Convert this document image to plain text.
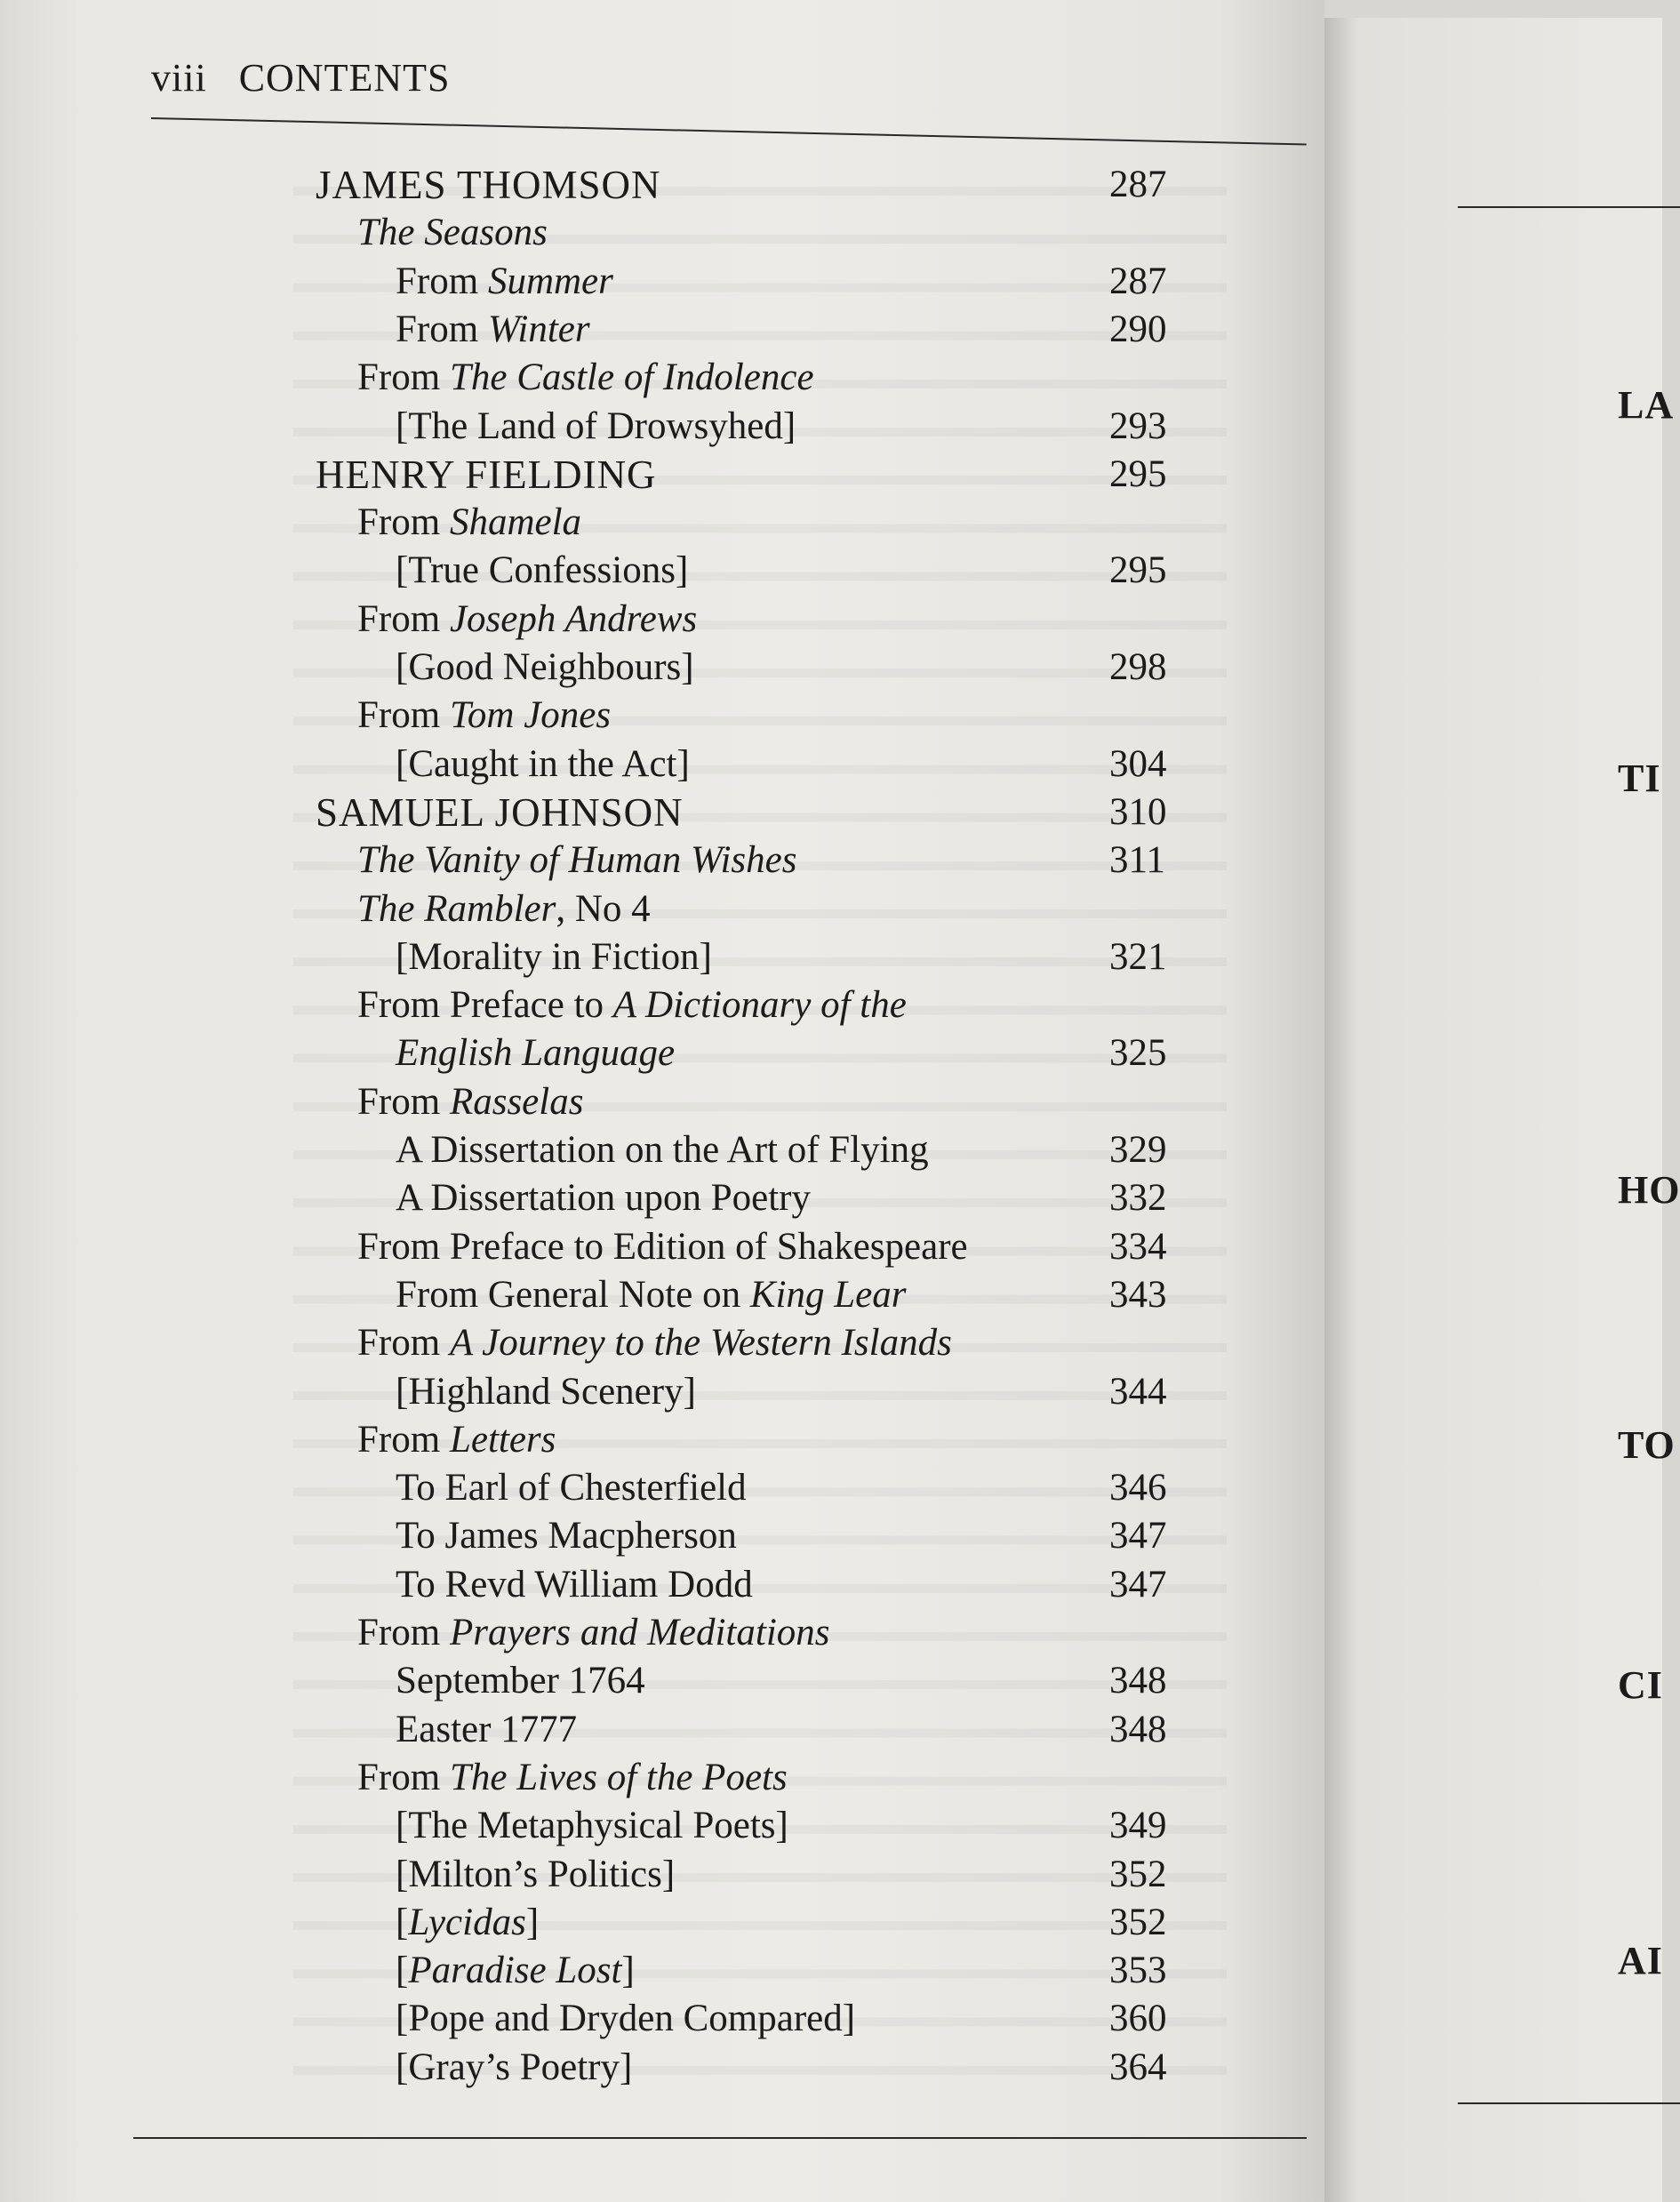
viii CONTENTS
JAMES THOMSON	287
The Seasons
From Summer	287
From Winter	290
From The Castle of Indolence
[The Land of Drowsyhed]	293
HENRY FIELDING	295
From Shamela
[True Confessions]	295
From Joseph Andrews
[Good Neighbours]	298
From Tom Jones
[Caught in the Act]	304
SAMUEL JOHNSON	310
The Vanity of Human Wishes	311
The Rambler, No 4
[Morality in Fiction]	321
From Preface to A Dictionary of the
English Language	325
From Rasselas
A Dissertation on the Art of Flying	329
A Dissertation upon Poetry	332
From Preface to Edition of Shakespeare	334
From General Note on King Lear	343
From A Journey to the Western Islands
[Highland Scenery]	344
From Letters
To Earl of Chesterfield	346
To James Macpherson	347
To Revd William Dodd	347
From Prayers and Meditations
September 1764	348
Easter 1777	348
From The Lives of the Poets
[The Metaphysical Poets]	349
[Milton’s Politics]	352
[Lycidas]	352
[Paradise Lost]	353
[Pope and Dryden Compared]	360
[Gray’s Poetry]	364
LA
TI
HO
TO
CI
AI
